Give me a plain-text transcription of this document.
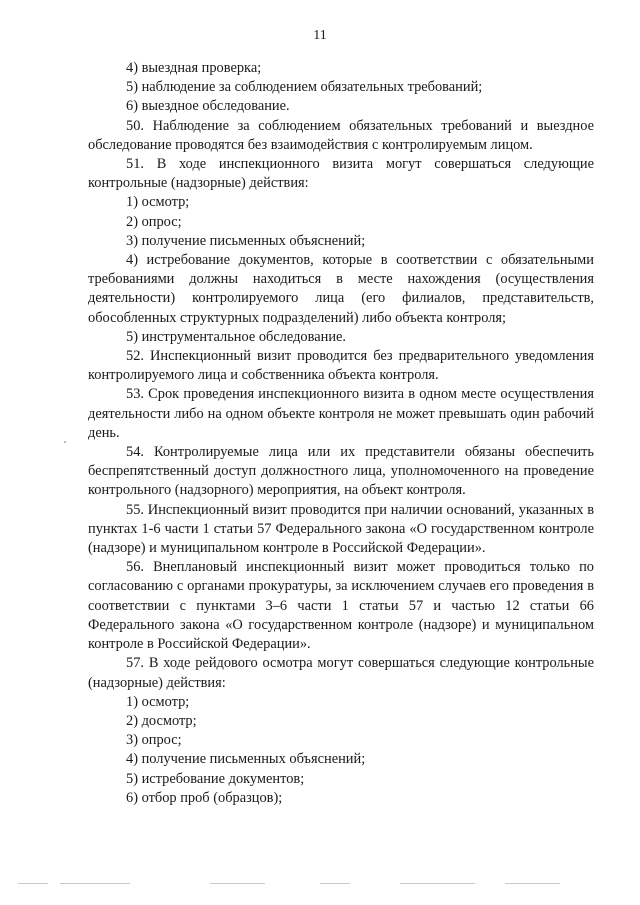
11

4) выездная проверка;

5) наблюдение за соблюдением обязательных требований;

6) выездное обследование.

50. Наблюдение за соблюдением обязательных требований и выездное обследование проводятся без взаимодействия с контролируемым лицом.

51. В ходе инспекционного визита могут совершаться следующие контрольные (надзорные) действия:

1) осмотр;

2) опрос;

3) получение письменных объяснений;

4) истребование документов, которые в соответствии с обязательными требованиями должны находиться в месте нахождения (осуществления деятельности) контролируемого лица (его филиалов, представительств, обособленных структурных подразделений) либо объекта контроля;

5) инструментальное обследование.

52. Инспекционный визит проводится без предварительного уведомления контролируемого лица и собственника объекта контроля.

53. Срок проведения инспекционного визита в одном месте осуществления деятельности либо на одном объекте контроля не может превышать один рабочий день.

54. Контролируемые лица или их представители обязаны обеспечить беспрепятственный доступ должностного лица, уполномоченного на проведение контрольного (надзорного) мероприятия, на объект контроля.

55. Инспекционный визит проводится при наличии оснований, указанных в пунктах 1-6 части 1 статьи 57 Федерального закона «О государственном контроле (надзоре) и муниципальном контроле в Российской Федерации».

56. Внеплановый инспекционный визит может проводиться только по согласованию с органами прокуратуры, за исключением случаев его проведения в соответствии с пунктами 3–6 части 1 статьи 57 и частью 12 статьи 66 Федерального закона «О государственном контроле (надзоре) и муниципальном контроле в Российской Федерации».

57. В ходе рейдового осмотра могут совершаться следующие контрольные (надзорные) действия:

1) осмотр;

2) досмотр;

3) опрос;

4) получение письменных объяснений;

5) истребование документов;

6) отбор проб (образцов);
